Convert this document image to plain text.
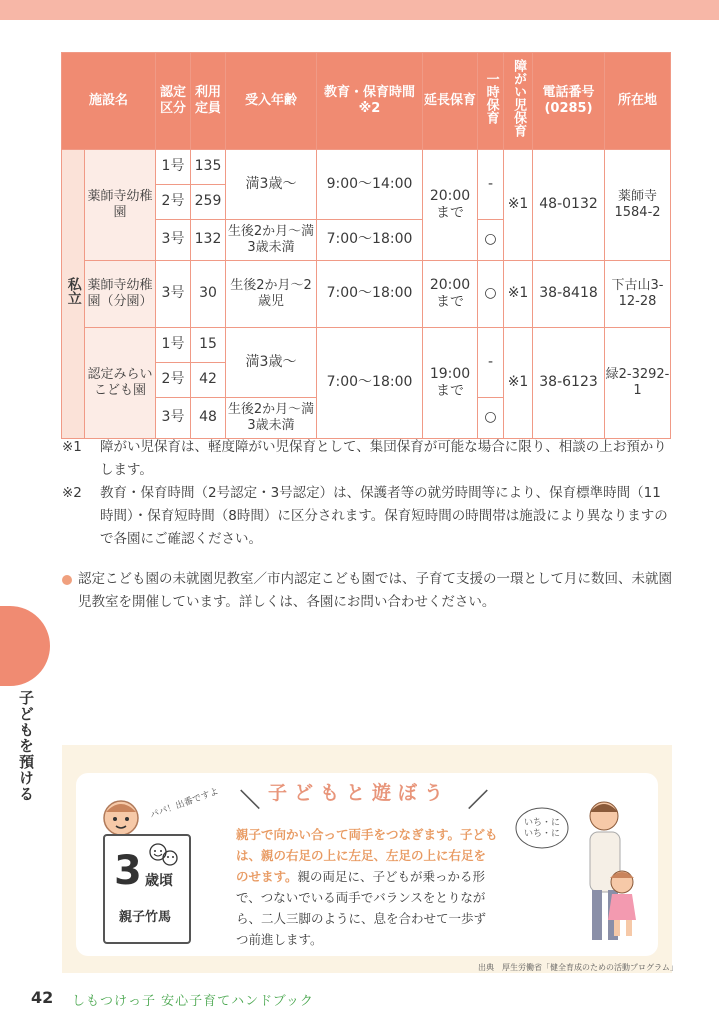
施設名		認定区分	利用定員	受入年齢	教育・保育時間※2	延長保育	一時保育	障がい児保育	電話番号(0285)	所在地
私立	薬師寺幼稚園	1号	135	満3歳〜	9:00〜14:00	20:00まで	-	※1	48-0132	薬師寺1584-2
		2号	259							
		3号	132	生後2か月〜満3歳未満	7:00〜18:00		○			
	薬師寺幼稚園（分園）	3号	30	生後2か月〜2歳児	7:00〜18:00	20:00まで	○	※1	38-8418	下古山3-12-28
	認定みらいこども園	1号	15	満3歳〜	7:00〜18:00	19:00まで	-	※1	38-6123	緑2-3292-1
		2号	42							
		3号	48	生後2か月〜満3歳未満			○			

※1	障がい児保育は、軽度障がい児保育として、集団保育が可能な場合に限り、相談の上お預かりします。
※2	教育・保育時間（2号認定・3号認定）は、保護者等の就労時間等により、保育標準時間（11時間）・保育短時間（8時間）に区分されます。保育短時間の時間帯は施設により異なりますので各園にご確認ください。
認定こども園の未就園児教室／市内認定こども園では、子育て支援の一環として月に数回、未就園児教室を開催しています。詳しくは、各園にお問い合わせください。
子どもを預ける	＼ 子どもと遊ぼう ／
親子で向かい合って両手をつなぎます。子どもは、親の右足の上に左足、左足の上に右足をのせます。親の両足に、子どもが乗っかる形で、つないでいる両手でバランスをとりながら、二人三脚のように、息を合わせて一歩ずつ前進します。
パパ！出番ですよ
3 歳頃
親子竹馬
いち・にいち・に
出典　厚生労働省「健全育成のための活動プログラム」
42 しもつけっ子 安心子育てハンドブック
